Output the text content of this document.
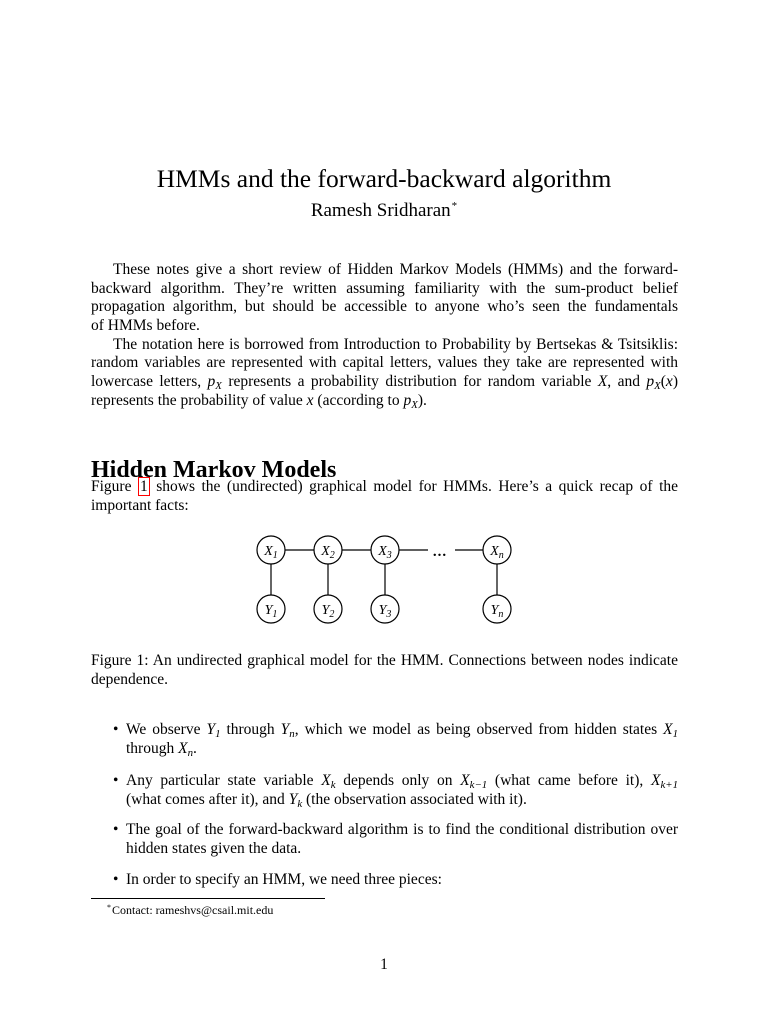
HMMs and the forward-backward algorithm
Ramesh Sridharan*
These notes give a short review of Hidden Markov Models (HMMs) and the forward-
backward algorithm. They’re written assuming familiarity with the sum-product belief
propagation algorithm, but should be accessible to anyone who’s seen the fundamentals
of HMMs before.
The notation here is borrowed from Introduction to Probability by Bertsekas & Tsitsiklis:
random variables are represented with capital letters, values they take are represented with
lowercase letters, $p_X$ represents a probability distribution for random variable X, and $p_X(x)$
represents the probability of value x (according to $p_X$).
Hidden Markov Models
Figure 1 shows the (undirected) graphical model for HMMs. Here’s a quick recap of the
important facts:
$X_1$	$X_2$	$X_3$	...	$X_n$
$Y_1$	$Y_2$	$Y_3$	$Y_n$
Figure 1: An undirected graphical model for the HMM. Connections between nodes indicate
dependence.
• We observe $Y_1$ through $Y_n$, which we model as being observed from hidden states $X_1$
through $X_n$.
• Any particular state variable $X_k$ depends only on $X_{k-1}$ (what came before it), $X_{k+1}$
(what comes after it), and $Y_k$ (the observation associated with it).
• The goal of the forward-backward algorithm is to find the conditional distribution over
hidden states given the data.
• In order to specify an HMM, we need three pieces:
*Contact: rameshvs@csail.mit.edu
1
